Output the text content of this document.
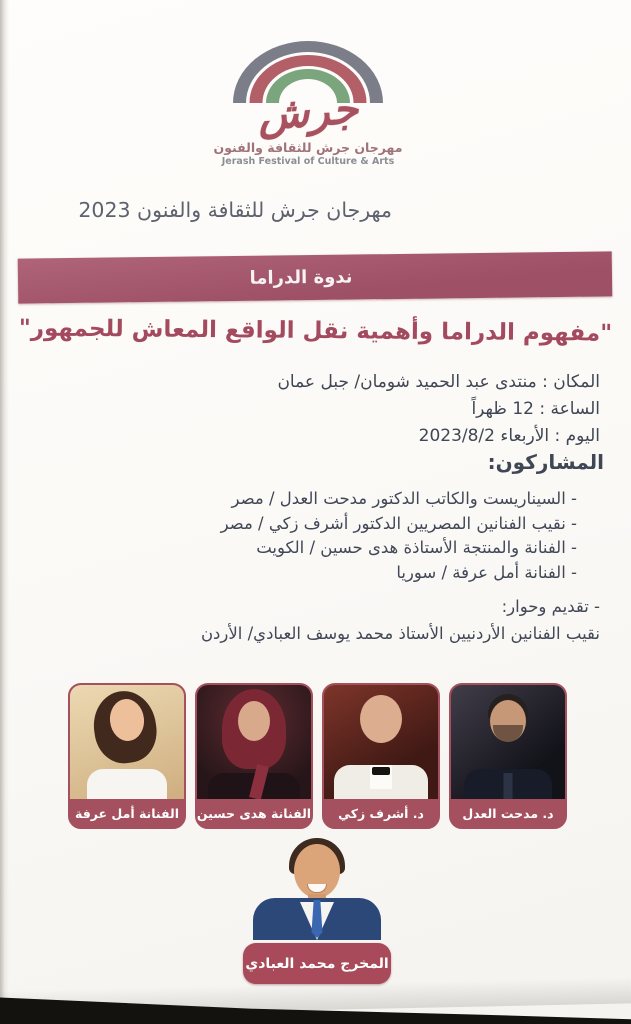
جرش
مهرجان جرش للثقافة والفنون
Jerash Festival of Culture & Arts
مهرجان جرش للثقافة والفنون 2023
ندوة الدراما
"مفهوم الدراما وأهمية نقل الواقع المعاش للجمهور"
المكان : منتدى عبد الحميد شومان/ جبل عمان
الساعة : 12 ظهراً
اليوم : الأربعاء 2023/8/2
المشاركون:
- السيناريست والكاتب الدكتور مدحت العدل / مصر
- نقيب الفنانين المصريين الدكتور أشرف زكي / مصر
- الفنانة والمنتجة الأستاذة هدى حسين / الكويت
- الفنانة أمل عرفة / سوريا
- تقديم وحوار:
نقيب الفنانين الأردنيين الأستاذ محمد يوسف العبادي/ الأردن
الفنانة أمل عرفة	الفنانة هدى حسين	د. أشرف زكي	د. مدحت العدل
المخرج محمد العبادي
